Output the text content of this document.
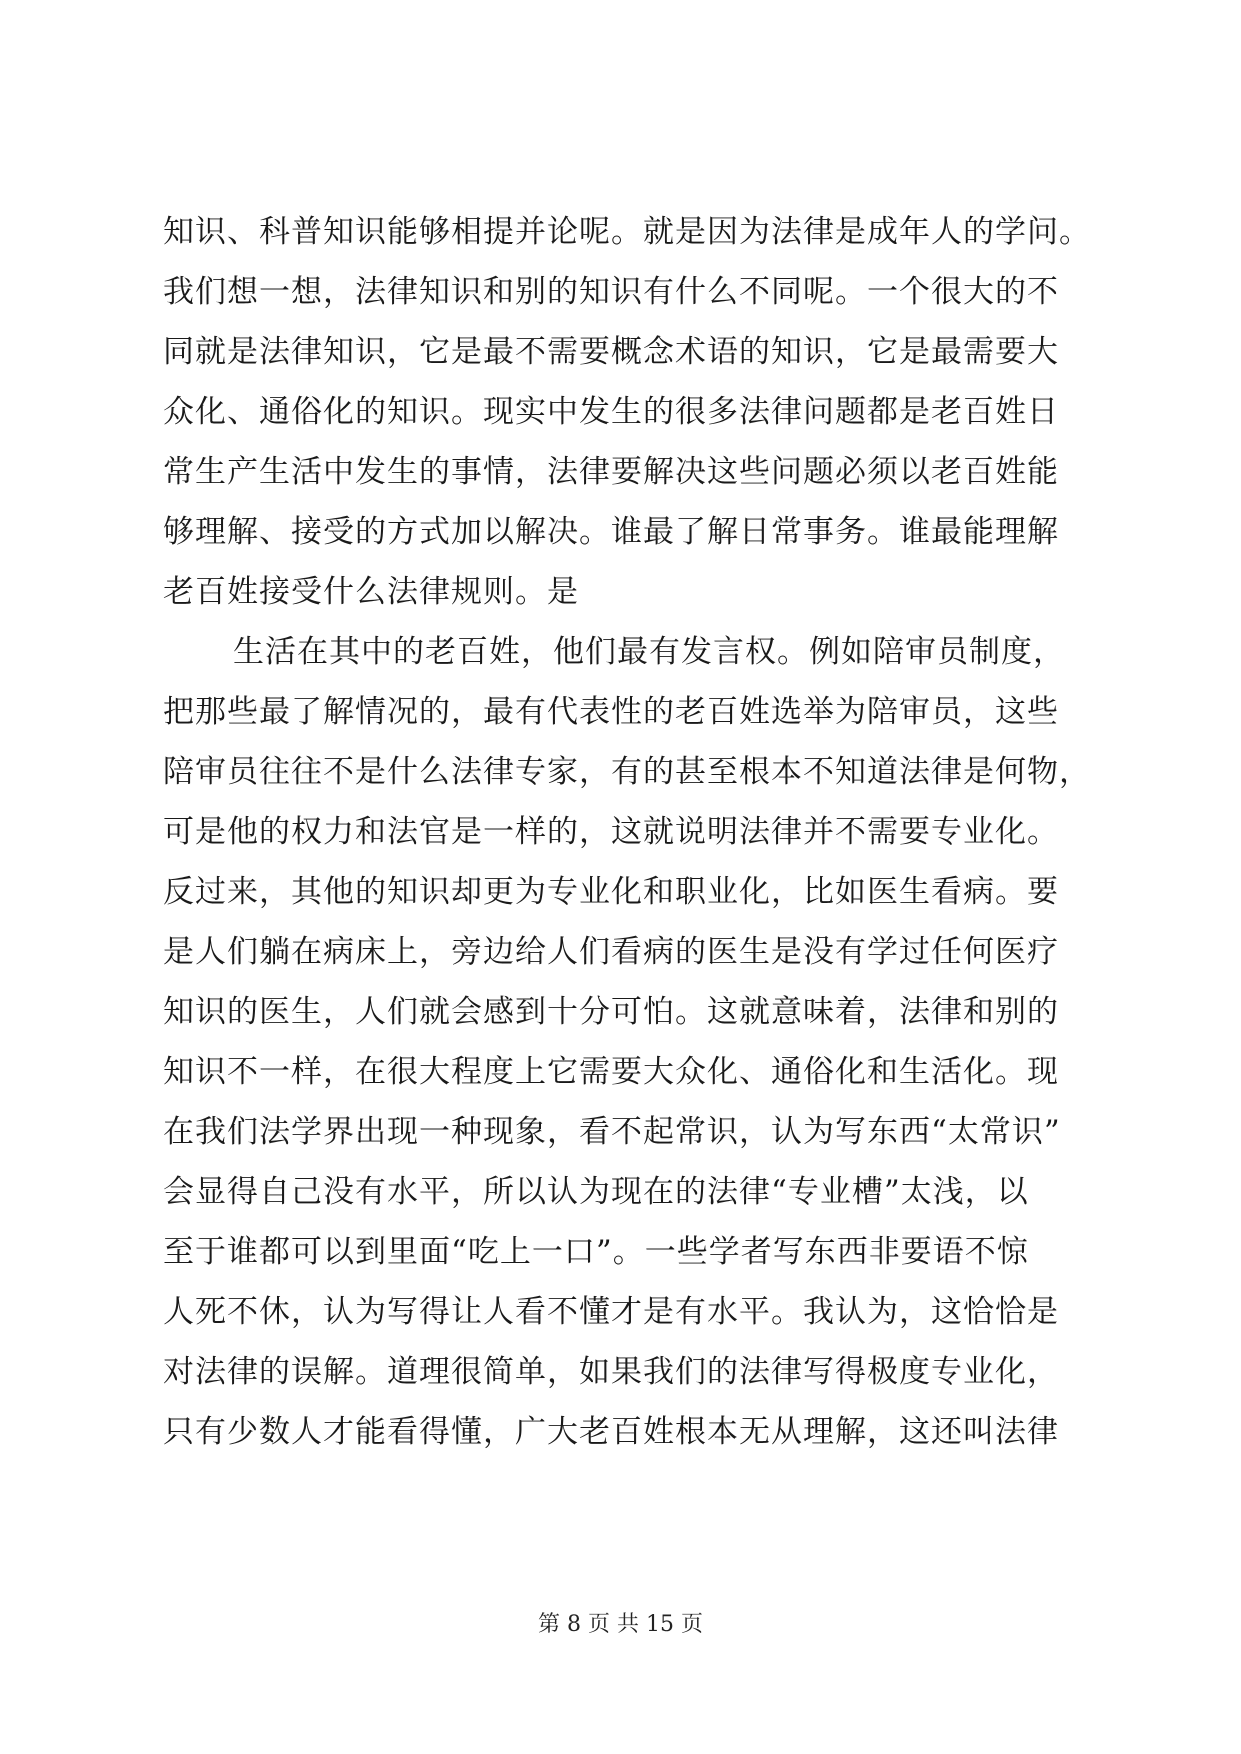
知识、科普知识能够相提并论呢。就是因为法律是成年人的学问。
我们想一想，法律知识和别的知识有什么不同呢。一个很大的不
同就是法律知识，它是最不需要概念术语的知识，它是最需要大
众化、通俗化的知识。现实中发生的很多法律问题都是老百姓日
常生产生活中发生的事情，法律要解决这些问题必须以老百姓能
够理解、接受的方式加以解决。谁最了解日常事务。谁最能理解
老百姓接受什么法律规则。是
生活在其中的老百姓，他们最有发言权。例如陪审员制度，
把那些最了解情况的，最有代表性的老百姓选举为陪审员，这些
陪审员往往不是什么法律专家，有的甚至根本不知道法律是何物，
可是他的权力和法官是一样的，这就说明法律并不需要专业化。
反过来，其他的知识却更为专业化和职业化，比如医生看病。要
是人们躺在病床上，旁边给人们看病的医生是没有学过任何医疗
知识的医生，人们就会感到十分可怕。这就意味着，法律和别的
知识不一样，在很大程度上它需要大众化、通俗化和生活化。现
在我们法学界出现一种现象，看不起常识，认为写东西“太常识”
会显得自己没有水平，所以认为现在的法律“专业槽”太浅，以
至于谁都可以到里面“吃上一口”。一些学者写东西非要语不惊
人死不休，认为写得让人看不懂才是有水平。我认为，这恰恰是
对法律的误解。道理很简单，如果我们的法律写得极度专业化，
只有少数人才能看得懂，广大老百姓根本无从理解，这还叫法律
第 8 页 共 15 页
